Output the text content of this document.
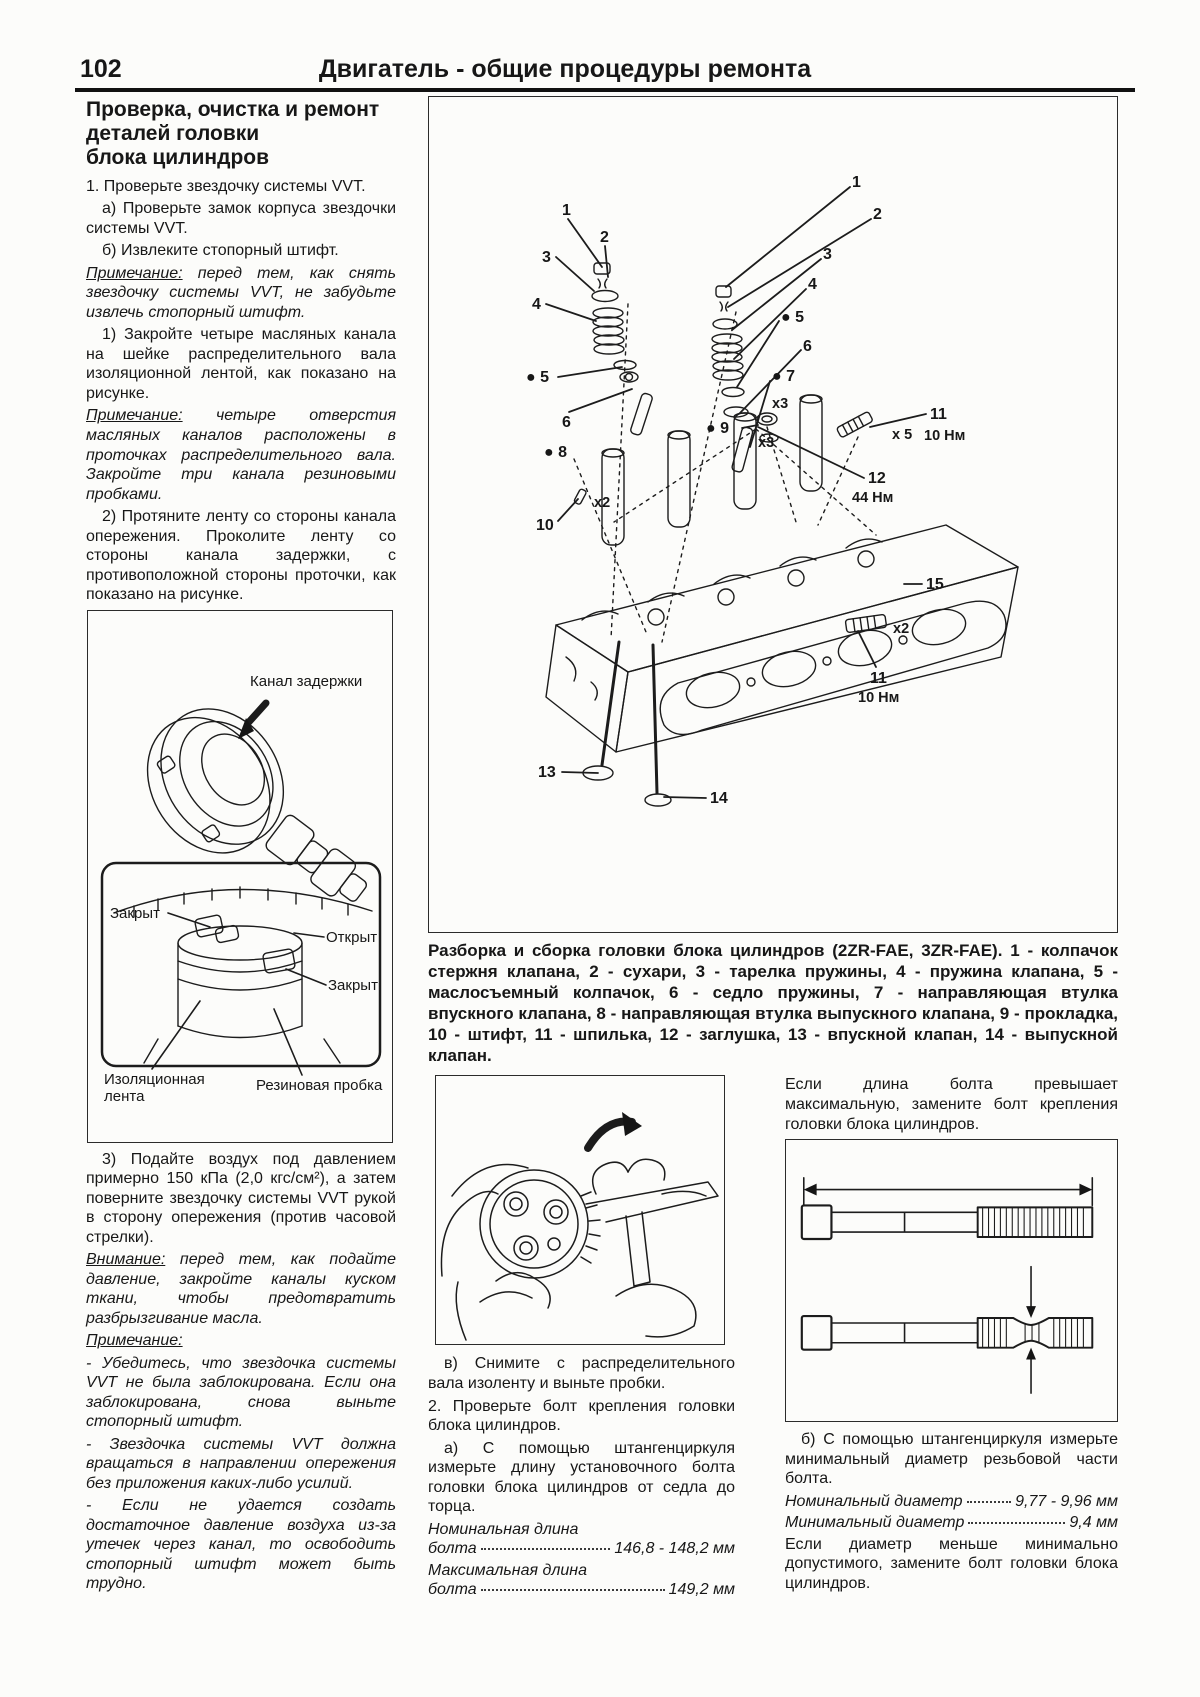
102	Двигатель - общие процедуры ремонта
Проверка, очистка и ремонт
деталей головки
блока цилиндров

1. Проверьте звездочку системы VVT.

а) Проверьте замок корпуса звездочки системы VVT.

б) Извлеките стопорный штифт.

Примечание: перед тем, как снять звездочку системы VVT, не забудьте извлечь стопорный штифт.

1) Закройте четыре масляных канала на шейке распределительного вала изоляционной лентой, как показано на рисунке.

Примечание: четыре отверстия масляных каналов расположены в проточках распределительного вала. Закройте три канала резиновыми пробками.

2) Протяните ленту со стороны канала опережения. Проколите ленту со стороны канала задержки, с противоположной стороны проточки, как показано на рисунке.

Канал задержки
Закрыт
Открыт
Закрыт
Изоляционная лента
Резиновая пробка

3) Подайте воздух под давлением примерно 150 кПа (2,0 кгс/см²), а затем поверните звездочку системы VVT рукой в сторону опережения (против часовой стрелки).

Внимание: перед тем, как подайте давление, закройте каналы куском ткани, чтобы предотвратить разбрызгивание масла.

Примечание:

- Убедитесь, что звездочка системы VVT не была заблокирована. Если она заблокирована, снова выньте стопорный штифт.

- Звездочка системы VVT должна вращаться в направлении опережения без приложения каких-либо усилий.

- Если не удается создать достаточное давление воздуха из-за утечек через канал, то освободить стопорный штифт может быть трудно.

1
2
3
4
● 5
6
● 8
10
x2
1
2
3
4
● 5
6
● 7
● 9
x3
x3
11
x 5 10 Нм
12
44 Нм
15
x2
11
10 Нм
13
14

Разборка и сборка головки блока цилиндров (2ZR-FAE, 3ZR-FAE). 1 - колпачок стержня клапана, 2 - сухари, 3 - тарелка пружины, 4 - пружина клапана, 5 - маслосъемный колпачок, 6 - седло пружины, 7 - направляющая втулка впускного клапана, 8 - направляющая втулка выпускного клапана, 9 - прокладка, 10 - штифт, 11 - шпилька, 12 - заглушка, 13 - впускной клапан, 14 - выпускной клапан.

в) Снимите с распределительного вала изоленту и выньте пробки.

2. Проверьте болт крепления головки блока цилиндров.

а) С помощью штангенциркуля измерьте длину установочного болта головки блока цилиндров от седла до торца.

Номинальная длина
болта	146,8 - 148,2 мм
Максимальная длина
болта	149,2 мм

Если длина болта превышает максимальную, замените болт крепления головки блока цилиндров.

б) С помощью штангенциркуля измерьте минимальный диаметр резьбовой части болта.

Номинальный диаметр	9,77 - 9,96 мм
Минимальный диаметр	9,4 мм

Если диаметр меньше минимально допустимого, замените болт головки блока цилиндров.
